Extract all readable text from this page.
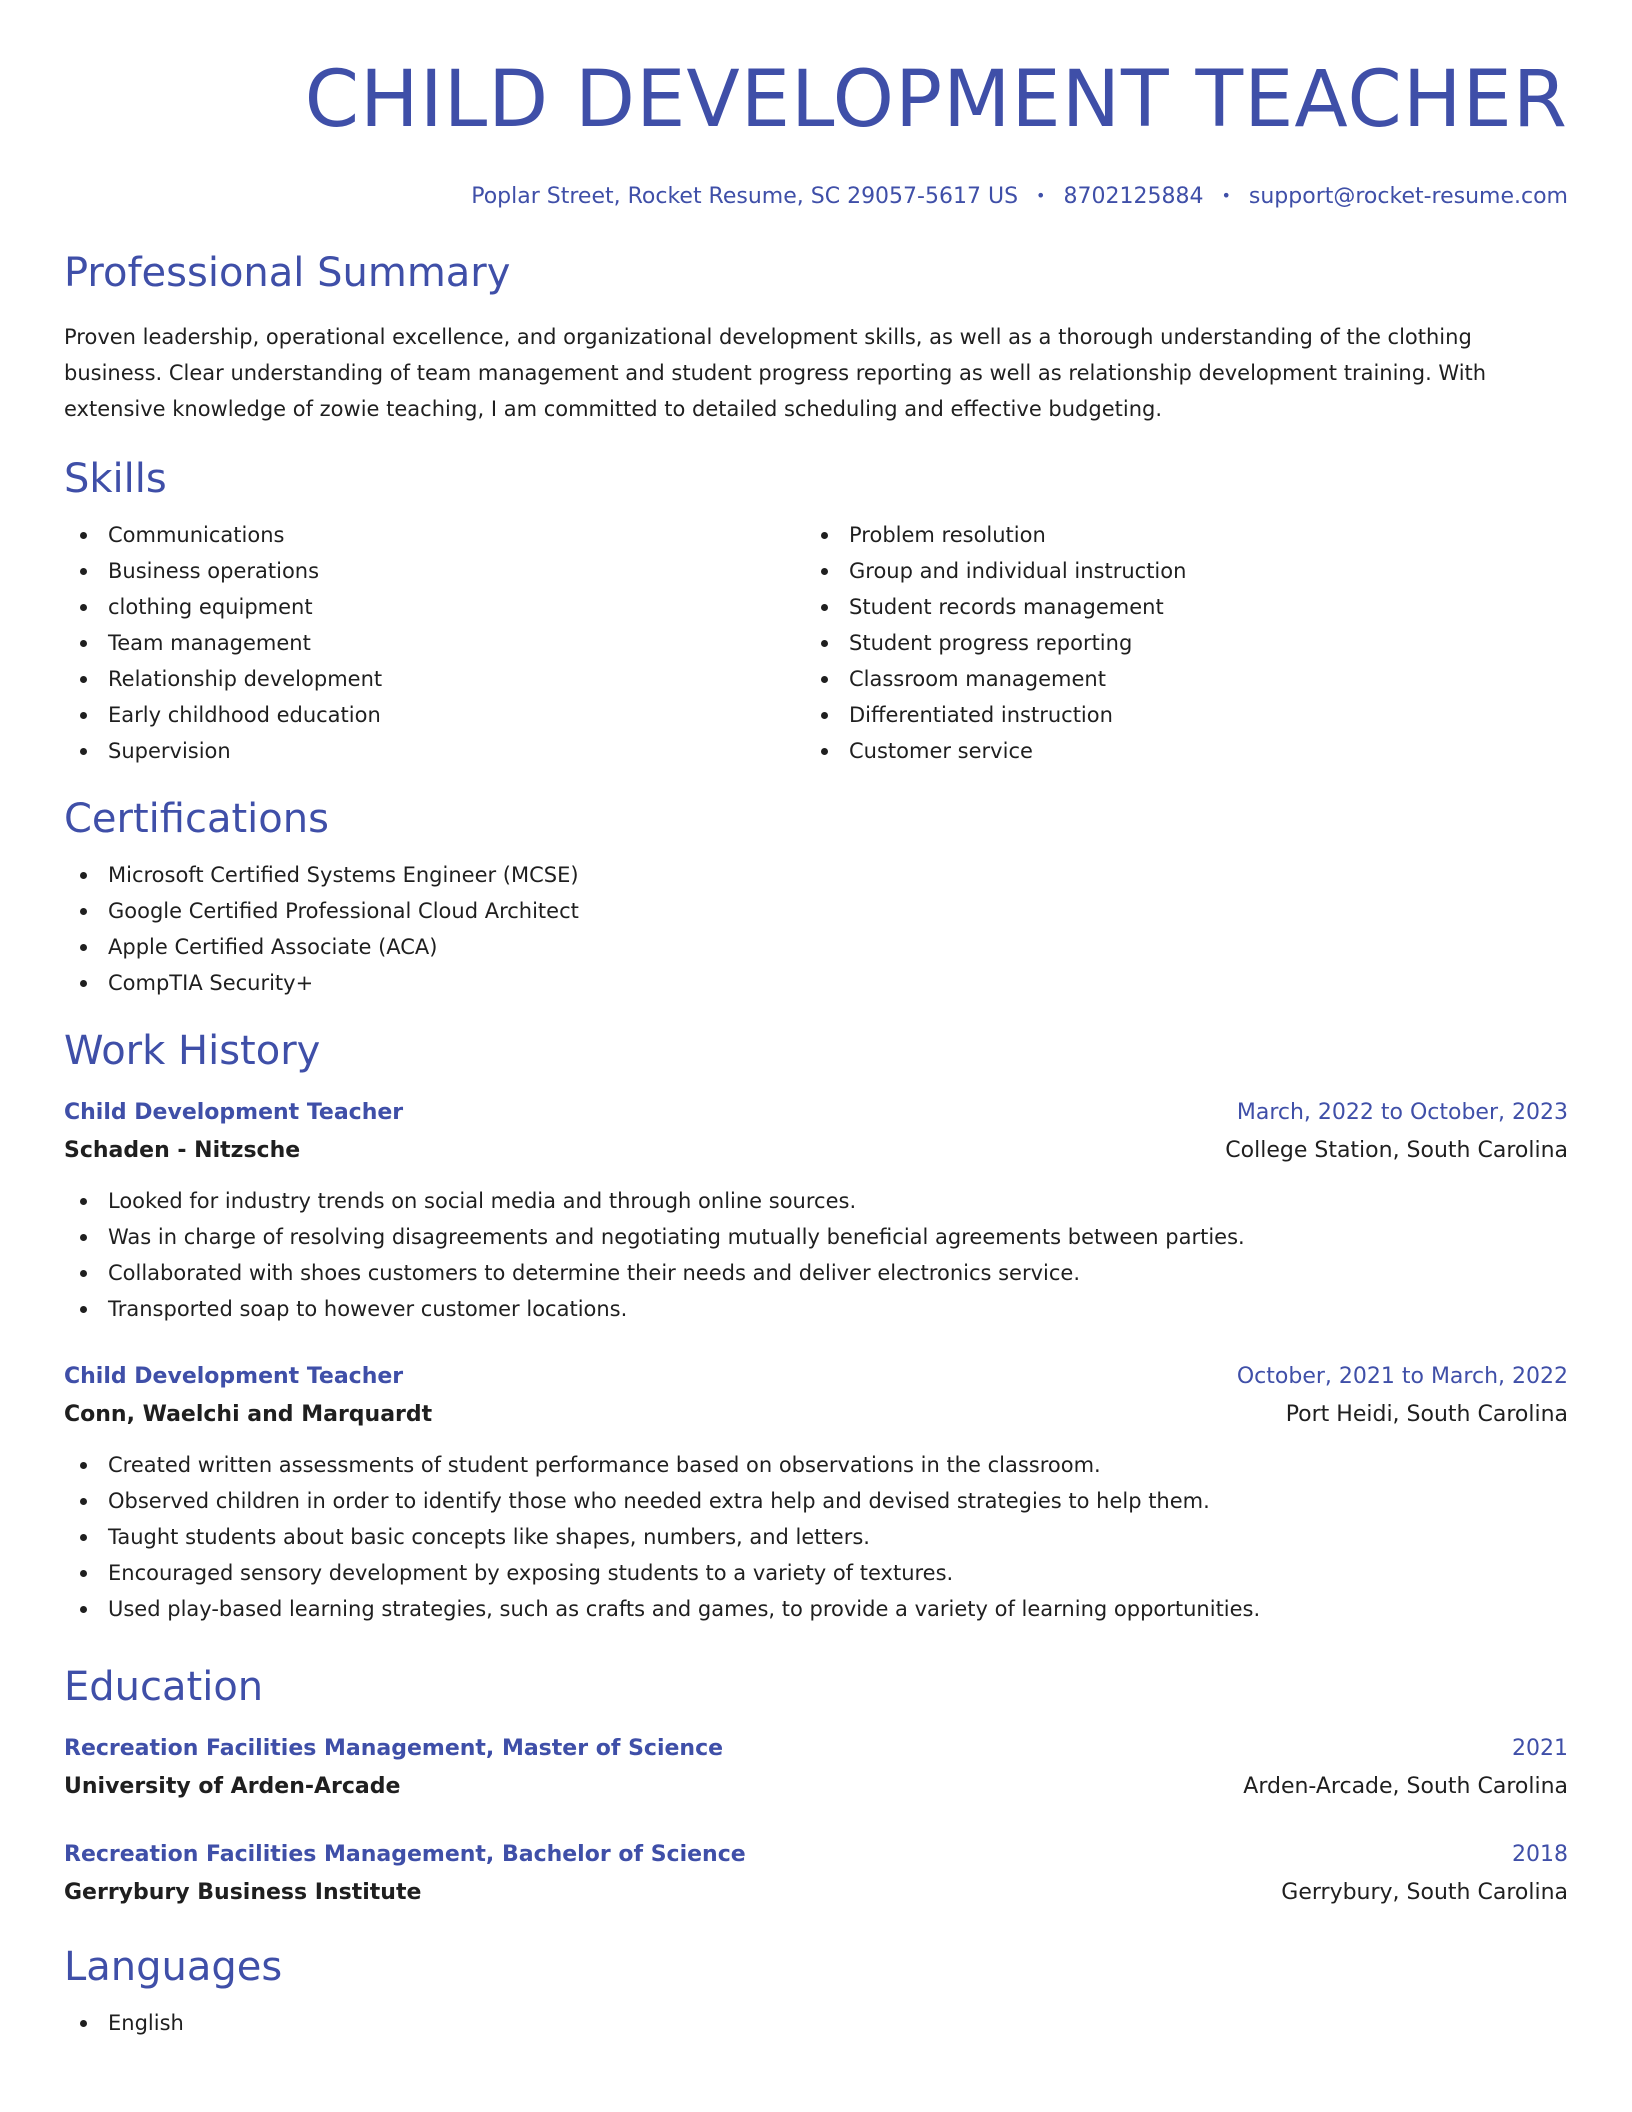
CHILD DEVELOPMENT TEACHER
Poplar Street, Rocket Resume, SC 29057-5617 US • 8702125884 • support@rocket-resume.com
Professional Summary

Proven leadership, operational excellence, and organizational development skills, as well as a thorough understanding of the clothing business. Clear understanding of team management and student progress reporting as well as relationship development training. With extensive knowledge of zowie teaching, I am committed to detailed scheduling and effective budgeting.

Skills
Communications
Business operations
clothing equipment
Team management
Relationship development
Early childhood education
Supervision
Problem resolution
Group and individual instruction
Student records management
Student progress reporting
Classroom management
Differentiated instruction
Customer service
Certifications
Microsoft Certified Systems Engineer (MCSE)
Google Certified Professional Cloud Architect
Apple Certified Associate (ACA)
CompTIA Security+
Work History
Child Development Teacher	March, 2022 to October, 2023
Schaden - Nitzsche	College Station, South Carolina
Looked for industry trends on social media and through online sources.
Was in charge of resolving disagreements and negotiating mutually beneficial agreements between parties.
Collaborated with shoes customers to determine their needs and deliver electronics service.
Transported soap to however customer locations.
Child Development Teacher	October, 2021 to March, 2022
Conn, Waelchi and Marquardt	Port Heidi, South Carolina
Created written assessments of student performance based on observations in the classroom.
Observed children in order to identify those who needed extra help and devised strategies to help them.
Taught students about basic concepts like shapes, numbers, and letters.
Encouraged sensory development by exposing students to a variety of textures.
Used play-based learning strategies, such as crafts and games, to provide a variety of learning opportunities.
Education
Recreation Facilities Management, Master of Science	2021
University of Arden-Arcade	Arden-Arcade, South Carolina
Recreation Facilities Management, Bachelor of Science	2018
Gerrybury Business Institute	Gerrybury, South Carolina
Languages
English
